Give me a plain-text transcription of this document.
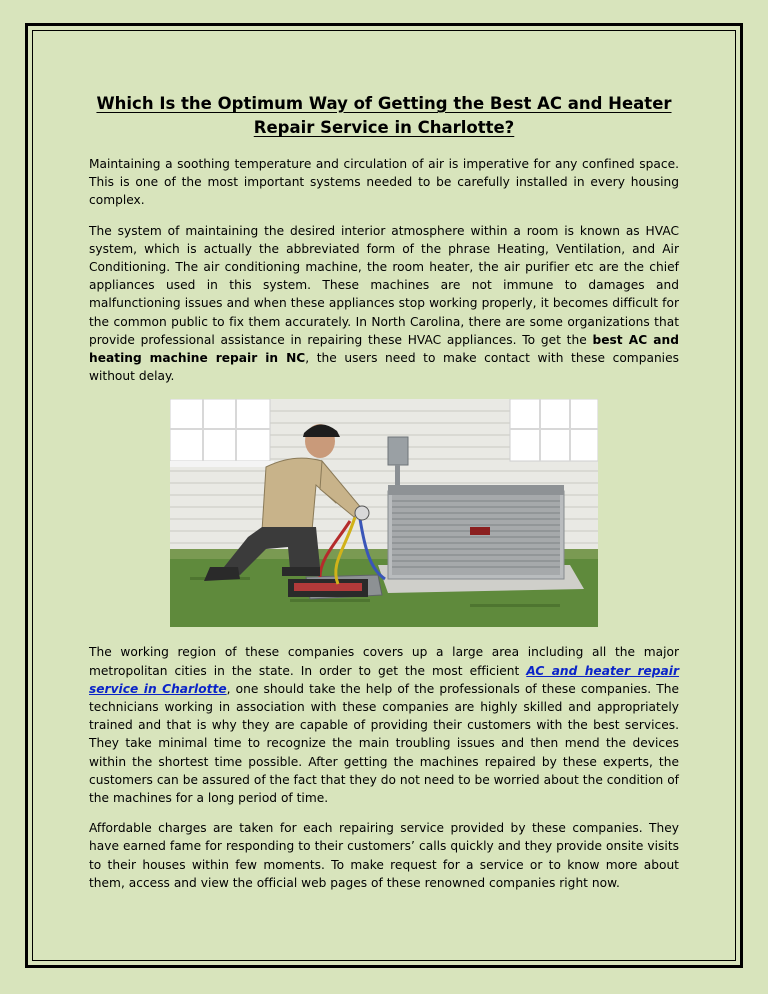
Which Is the Optimum Way of Getting the Best AC and Heater Repair Service in Charlotte?

Maintaining a soothing temperature and circulation of air is imperative for any confined space. This is one of the most important systems needed to be carefully installed in every housing complex.

The system of maintaining the desired interior atmosphere within a room is known as HVAC system, which is actually the abbreviated form of the phrase Heating, Ventilation, and Air Conditioning. The air conditioning machine, the room heater, the air purifier etc are the chief appliances used in this system. These machines are not immune to damages and malfunctioning issues and when these appliances stop working properly, it becomes difficult for the common public to fix them accurately. In North Carolina, there are some organizations that provide professional assistance in repairing these HVAC appliances. To get the best AC and heating machine repair in NC, the users need to make contact with these companies without delay.

The working region of these companies covers up a large area including all the major metropolitan cities in the state. In order to get the most efficient AC and heater repair service in Charlotte, one should take the help of the professionals of these companies. The technicians working in association with these companies are highly skilled and appropriately trained and that is why they are capable of providing their customers with the best services. They take minimal time to recognize the main troubling issues and then mend the devices within the shortest time possible. After getting the machines repaired by these experts, the customers can be assured of the fact that they do not need to be worried about the condition of the machines for a long period of time.

Affordable charges are taken for each repairing service provided by these companies. They have earned fame for responding to their customers’ calls quickly and they provide onsite visits to their houses within few moments. To make request for a service or to know more about them, access and view the official web pages of these renowned companies right now.
